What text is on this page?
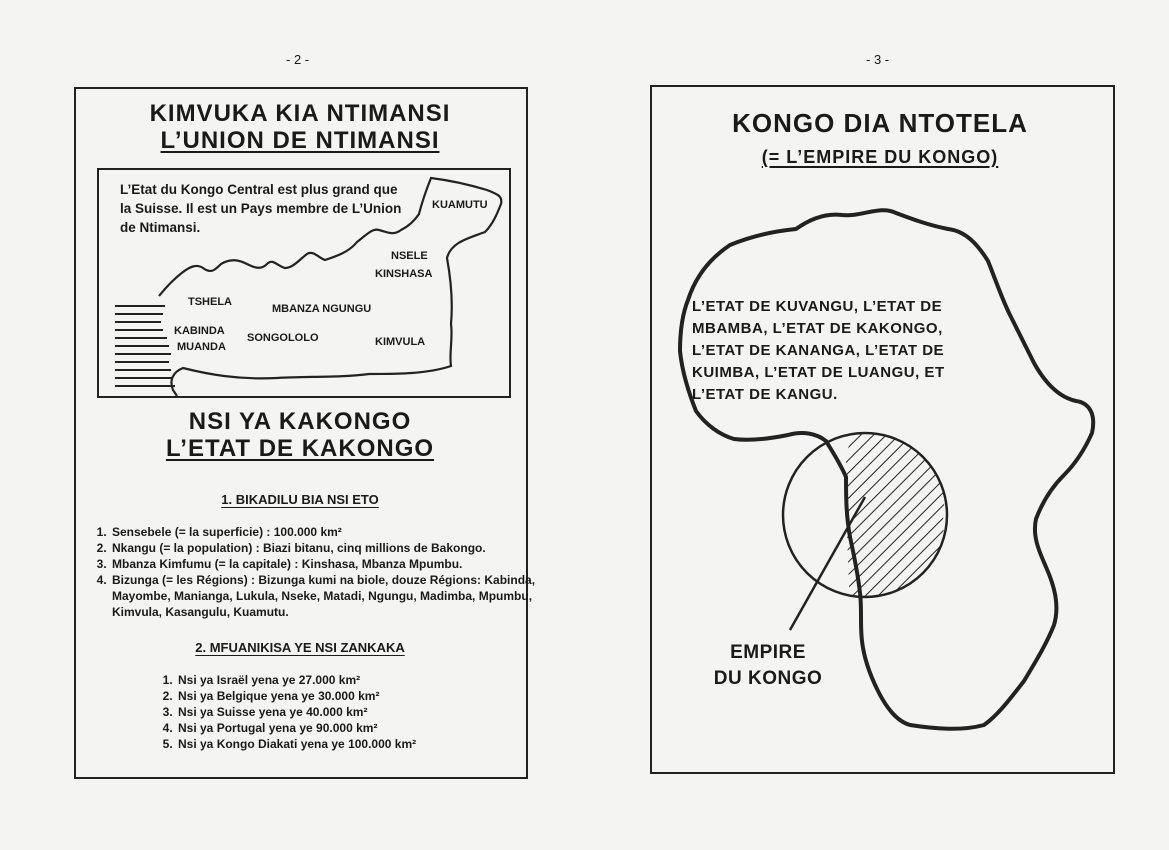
- 2 -
KIMVUKA KIA NTIMANSI
L’UNION DE NTIMANSI
L’Etat du Kongo Central est plus grand que la Suisse. Il est un Pays membre de L’Union de Ntimansi.
KUAMUTU
NSELE
KINSHASA
TSHELA
MBANZA NGUNGU
KABINDA
MUANDA
SONGOLOLO	KIMVULA
NSI YA KAKONGO
L’ETAT DE KAKONGO
1. BIKADILU BIA NSI ETO
1. Sensebele (= la superficie) : 100.000 km²
2. Nkangu (= la population) : Biazi bitanu, cinq millions de Bakongo.
3. Mbanza Kimfumu (= la capitale) : Kinshasa, Mbanza Mpumbu.
4. Bizunga (= les Régions) : Bizunga kumi na biole, douze Régions: Kabinda, Mayombe, Manianga, Lukula, Nseke, Matadi, Ngungu, Madimba, Mpumbu, Kimvula, Kasangulu, Kuamutu.
2. MFUANIKISA YE NSI ZANKAKA
1. Nsi ya Israël yena ye 27.000 km²
2. Nsi ya Belgique yena ye 30.000 km²
3. Nsi ya Suisse yena ye 40.000 km²
4. Nsi ya Portugal yena ye 90.000 km²
5. Nsi ya Kongo Diakati yena ye 100.000 km²
- 3 -
KONGO DIA NTOTELA
(= L’EMPIRE DU KONGO)
L’ETAT DE KUVANGU, L’ETAT DE
MBAMBA, L’ETAT DE KAKONGO,
L’ETAT DE KANANGA, L’ETAT DE
KUIMBA, L’ETAT DE LUANGU, ET
L’ETAT DE KANGU.
EMPIRE
DU KONGO
